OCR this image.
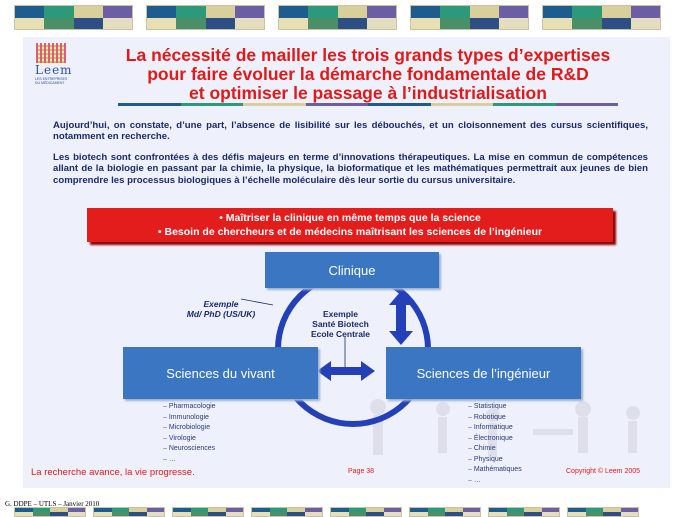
Leem
LES ENTREPRISES DU MÉDICAMENT
La nécessité de mailler les trois grands types d’expertises
pour faire évoluer la démarche fondamentale de R&D
et optimiser le passage à l’industrialisation
Aujourd’hui, on constate, d’une part, l’absence de lisibilité sur les débouchés, et un cloisonnement des cursus scientifiques, notamment en recherche.
Les biotech sont confrontées à des défis majeurs en terme d’innovations thérapeutiques. La mise en commun de compétences allant de la biologie en passant par la chimie, la physique, la bioformatique et les mathématiques permettrait aux jeunes de bien comprendre les processus biologiques à l’échelle moléculaire dès leur sortie du cursus universitaire.
• Maîtriser la clinique en même temps que la science
• Besoin de chercheurs et de médecins maîtrisant les sciences de l’ingénieur
Clinique
Sciences du vivant	Sciences de l’ingénieur
Exemple
Md/ PhD (US/UK)	Exemple
Santé Biotech
Ecole Centrale
– Pharmacologie
– Immunologie
– Microbiologie
– Virologie
– Neurosciences
– …
– Statistique
– Robotique
– Informatique
– Électronique
– Chimie
– Physique
– Mathématiques
– …
La recherche avance, la vie progresse.	Page 38	Copyright © Leem 2005
G. DDPE – UTLS – Janvier 2010
